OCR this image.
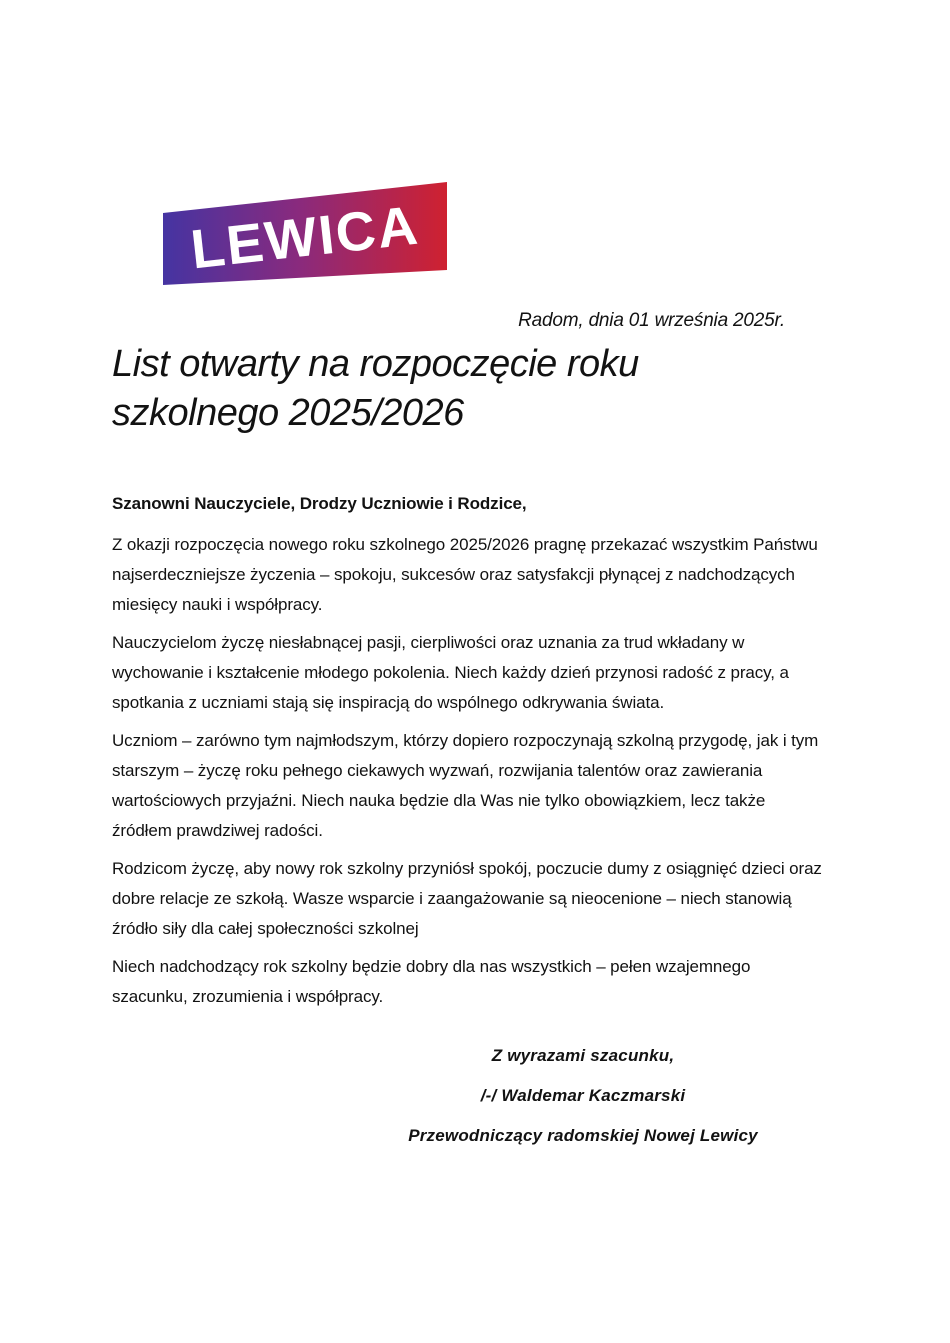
LEWICA
Radom, dnia 01 września 2025r.
List otwarty na rozpoczęcie roku szkolnego 2025/2026

Szanowni Nauczyciele, Drodzy Uczniowie i Rodzice,

Z okazji rozpoczęcia nowego roku szkolnego 2025/2026 pragnę przekazać wszystkim Państwu najserdeczniejsze życzenia – spokoju, sukcesów oraz satysfakcji płynącej z nadchodzących miesięcy nauki i współpracy.

Nauczycielom życzę niesłabnącej pasji, cierpliwości oraz uznania za trud wkładany w wychowanie i kształcenie młodego pokolenia. Niech każdy dzień przynosi radość z pracy, a spotkania z uczniami stają się inspiracją do wspólnego odkrywania świata.

Uczniom – zarówno tym najmłodszym, którzy dopiero rozpoczynają szkolną przygodę, jak i tym starszym – życzę roku pełnego ciekawych wyzwań, rozwijania talentów oraz zawierania wartościowych przyjaźni. Niech nauka będzie dla Was nie tylko obowiązkiem, lecz także źródłem prawdziwej radości.

Rodzicom życzę, aby nowy rok szkolny przyniósł spokój, poczucie dumy z osiągnięć dzieci oraz dobre relacje ze szkołą. Wasze wsparcie i zaangażowanie są nieocenione – niech stanowią źródło siły dla całej społeczności szkolnej

Niech nadchodzący rok szkolny będzie dobry dla nas wszystkich – pełen wzajemnego szacunku, zrozumienia i współpracy.

Z wyrazami szacunku,
/-/ Waldemar Kaczmarski
Przewodniczący radomskiej Nowej Lewicy
